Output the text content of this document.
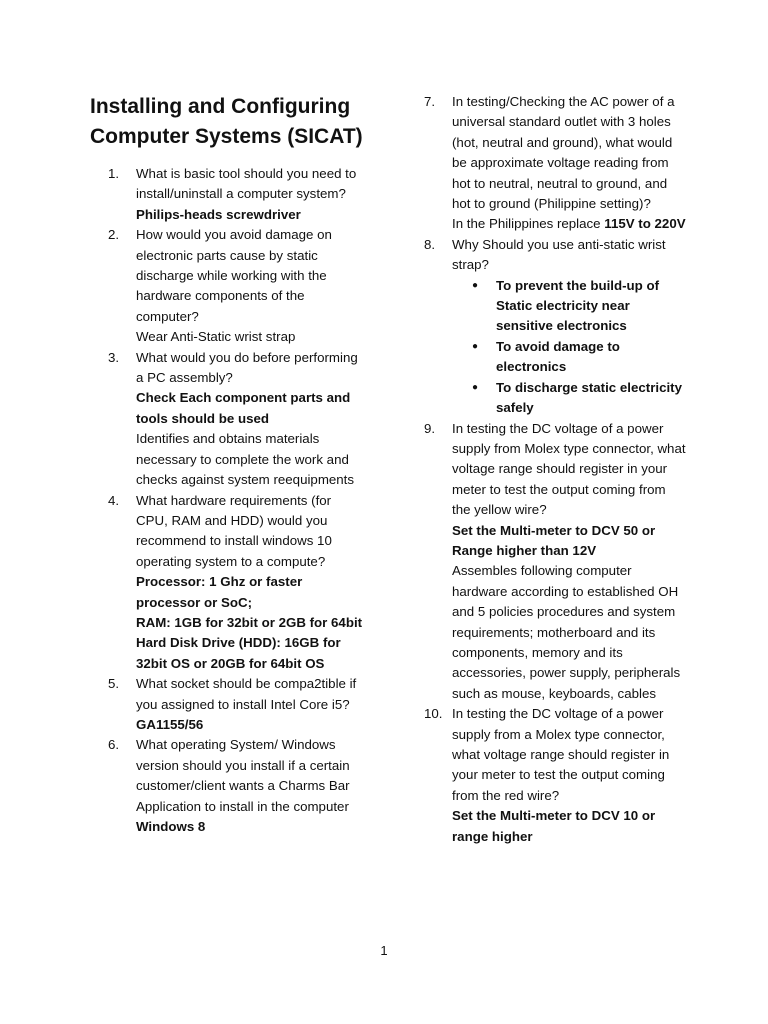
Installing and Configuring Computer Systems (SICAT)
1.	What is basic tool should you need to install/uninstall a computer system?
Philips-heads screwdriver
2.	How would you avoid damage on electronic parts cause by static discharge while working with the hardware components of the computer?
Wear Anti-Static wrist strap
3.	What would you do before performing a PC assembly?
Check Each component parts and tools should be used
Identifies and obtains materials necessary to complete the work and checks against system reequipments
4.	What hardware requirements (for CPU, RAM and HDD) would you recommend to install windows 10 operating system to a compute?
Processor: 1 Ghz or faster processor or SoC;
RAM: 1GB for 32bit or 2GB for 64bit
Hard Disk Drive (HDD): 16GB for 32bit OS or 20GB for 64bit OS
5.	What socket should be compa2tible if you assigned to install Intel Core i5?
GA1155/56
6.	What operating System/ Windows version should you install if a certain customer/client wants a Charms Bar Application to install in the computer
Windows 8
7.	In testing/Checking the AC power of a universal standard outlet with 3 holes (hot, neutral and ground), what would be approximate voltage reading from hot to neutral, neutral to ground, and hot to ground (Philippine setting)?
In the Philippines replace 115V to 220V
8.	Why Should you use anti-static wrist strap?
●	To prevent the build-up of Static electricity near sensitive electronics
●	To avoid damage to electronics
●	To discharge static electricity safely
9.	In testing the DC voltage of a power supply from Molex type connector, what voltage range should register in your meter to test the output coming from the yellow wire?
Set the Multi-meter to DCV 50 or Range higher than 12V
Assembles following computer hardware according to established OH and 5 policies procedures and system requirements; motherboard and its components, memory and its accessories, power supply, peripherals such as mouse, keyboards, cables
10. In testing the DC voltage of a power supply from a Molex type connector, what voltage range should register in your meter to test the output coming from the red wire?
Set the Multi-meter to DCV 10 or range higher
1
